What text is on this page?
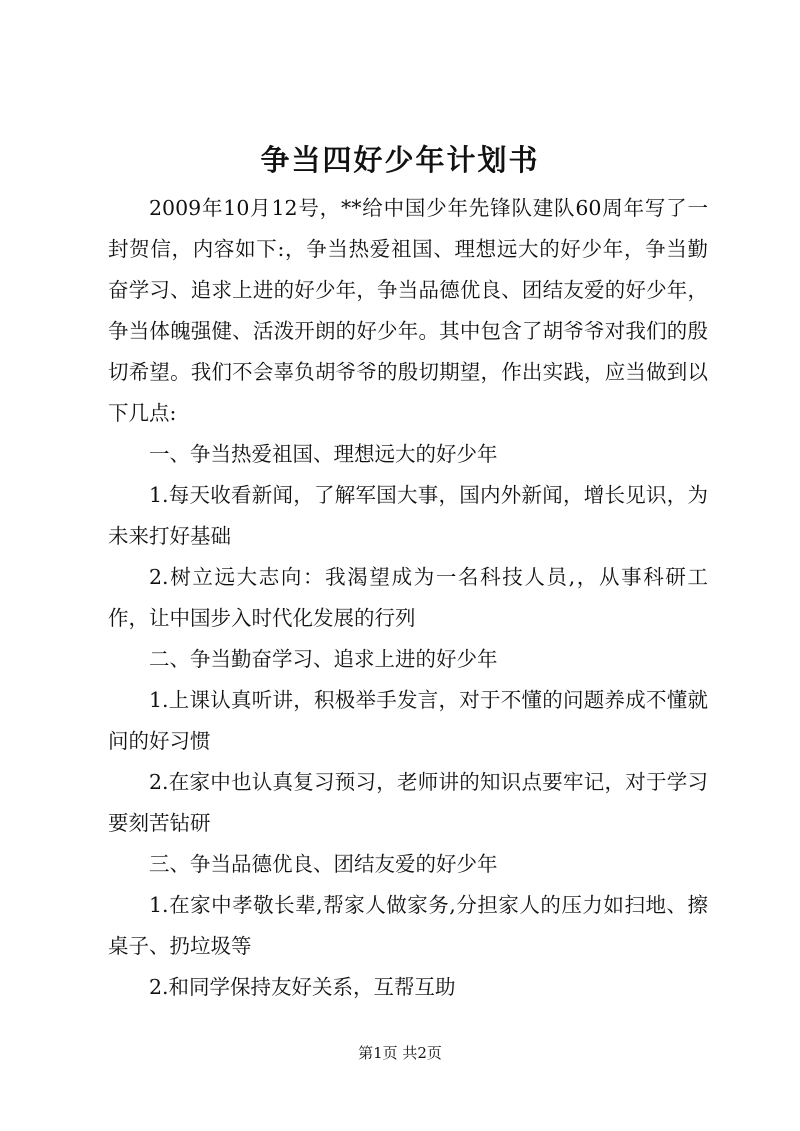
争当四好少年计划书

2009年10月12号，**给中国少年先锋队建队60周年写了一封贺信，内容如下:，争当热爱祖国、理想远大的好少年，争当勤奋学习、追求上进的好少年，争当品德优良、团结友爱的好少年，争当体魄强健、活泼开朗的好少年。其中包含了胡爷爷对我们的殷切希望。我们不会辜负胡爷爷的殷切期望，作出实践，应当做到以下几点:

一、争当热爱祖国、理想远大的好少年

1.每天收看新闻，了解军国大事，国内外新闻，增长见识，为未来打好基础

2.树立远大志向：我渴望成为一名科技人员,，从事科研工作，让中国步入时代化发展的行列

二、争当勤奋学习、追求上进的好少年

1.上课认真听讲，积极举手发言，对于不懂的问题养成不懂就问的好习惯

2.在家中也认真复习预习，老师讲的知识点要牢记，对于学习要刻苦钻研

三、争当品德优良、团结友爱的好少年

1.在家中孝敬长辈,帮家人做家务,分担家人的压力如扫地、擦桌子、扔垃圾等

2.和同学保持友好关系，互帮互助

第1页 共2页
